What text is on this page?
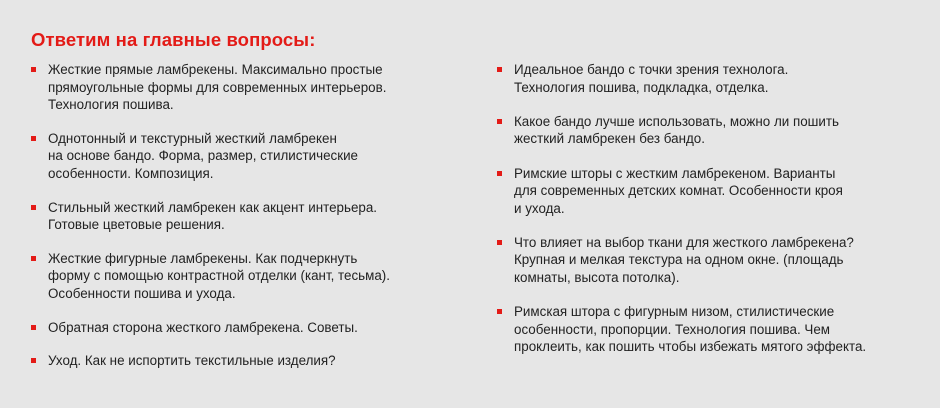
Ответим на главные вопросы:
Жесткие прямые ламбрекены. Максимально простые
прямоугольные формы для современных интерьеров.
Технология пошива.
Однотонный и текстурный жесткий ламбрекен
на основе бандо. Форма, размер, стилистические
особенности. Композиция.
Стильный жесткий ламбрекен как акцент интерьера.
Готовые цветовые решения.
Жесткие фигурные ламбрекены. Как подчеркнуть
форму с помощью контрастной отделки (кант, тесьма).
Особенности пошива и ухода.
Обратная сторона жесткого ламбрекена. Советы.
Уход. Как не испортить текстильные изделия?
Идеальное бандо с точки зрения технолога.
Технология пошива, подкладка, отделка.
Какое бандо лучше использовать, можно ли пошить
жесткий ламбрекен без бандо.
Римские шторы с жестким ламбрекеном. Варианты
для современных детских комнат. Особенности кроя
и ухода.
Что влияет на выбор ткани для жесткого ламбрекена?
Крупная и мелкая текстура на одном окне. (площадь
комнаты, высота потолка).
Римская штора с фигурным низом, стилистические
особенности, пропорции. Технология пошива. Чем
проклеить, как пошить чтобы избежать мятого эффекта.
